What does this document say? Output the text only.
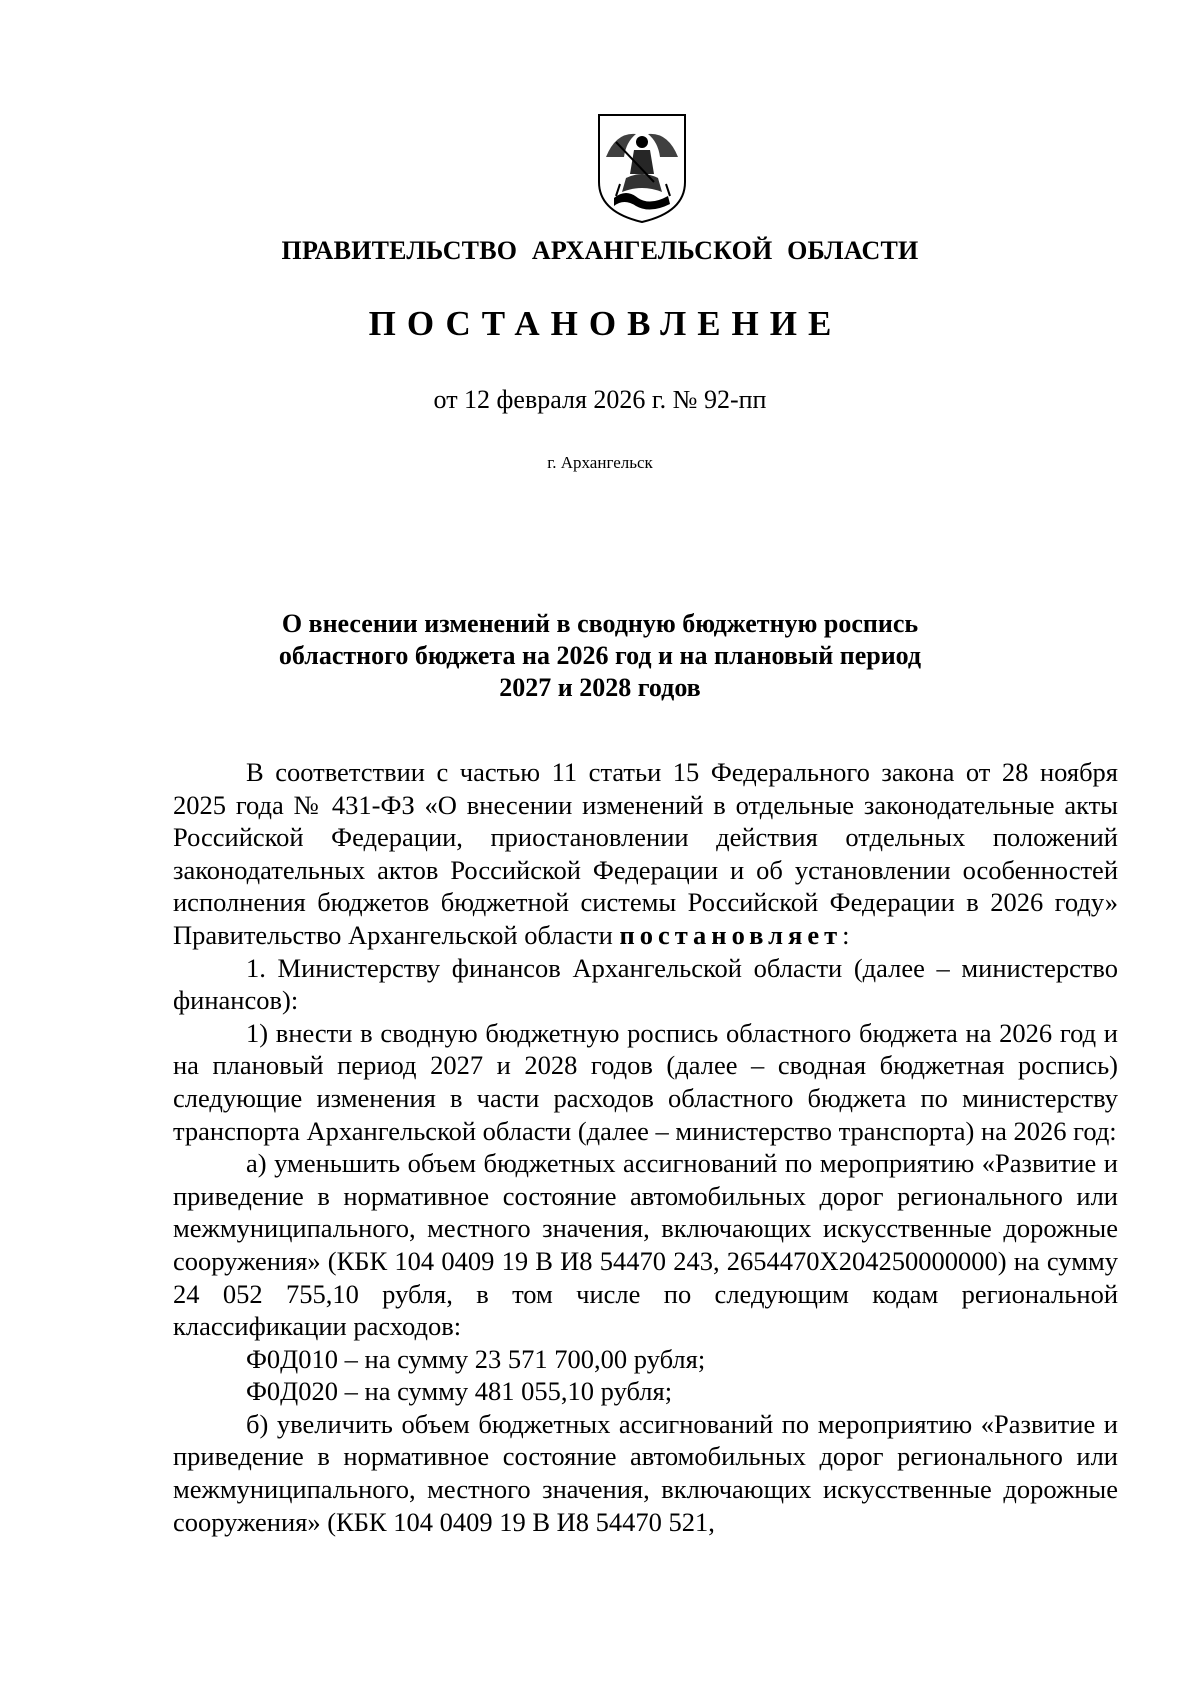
ПРАВИТЕЛЬСТВО АРХАНГЕЛЬСКОЙ ОБЛАСТИ
ПОСТАНОВЛЕНИЕ
от 12 февраля 2026 г. № 92-пп
г. Архангельск
О внесении изменений в сводную бюджетную роспись
областного бюджета на 2026 год и на плановый период
2027 и 2028 годов

В соответствии с частью 11 статьи 15 Федерального закона от 28 ноября 2025 года № 431-ФЗ «О внесении изменений в отдельные законодательные акты Российской Федерации, приостановлении действия отдельных положений законодательных актов Российской Федерации и об установлении особенностей исполнения бюджетов бюджетной системы Российской Федерации в 2026 году» Правительство Архангельской области постановляет:

1. Министерству финансов Архангельской области (далее – министерство финансов):

1) внести в сводную бюджетную роспись областного бюджета на 2026 год и на плановый период 2027 и 2028 годов (далее – сводная бюджетная роспись) следующие изменения в части расходов областного бюджета по министерству транспорта Архангельской области (далее – министерство транспорта) на 2026 год:

а) уменьшить объем бюджетных ассигнований по мероприятию «Развитие и приведение в нормативное состояние автомобильных дорог регионального или межмуниципального, местного значения, включающих искусственные дорожные сооружения» (КБК 104 0409 19 В И8 54470 243, 2654470Х204250000000) на сумму 24 052 755,10 рубля, в том числе по следующим кодам региональной классификации расходов:

Ф0Д010 – на сумму 23 571 700,00 рубля;

Ф0Д020 – на сумму 481 055,10 рубля;

б) увеличить объем бюджетных ассигнований по мероприятию «Развитие и приведение в нормативное состояние автомобильных дорог регионального или межмуниципального, местного значения, включающих искусственные дорожные сооружения» (КБК 104 0409 19 В И8 54470 521,
